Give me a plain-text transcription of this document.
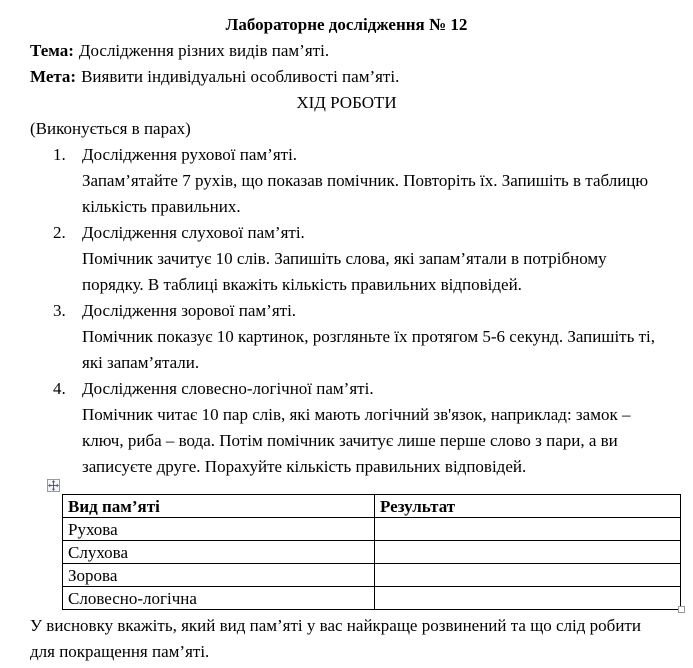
Лабораторне дослідження № 12
Тема: Дослідження різних видів пам’яті.
Мета: Виявити індивідуальні особливості пам’яті.
ХІД РОБОТИ
(Виконується в парах)
1. Дослідження рухової пам’яті.
Запам’ятайте 7 рухів, що показав помічник. Повторіть їх. Запишіть в таблицю кількість правильних.
2. Дослідження слухової пам’яті.
Помічник зачитує 10 слів. Запишіть слова, які запам’ятали в потрібному порядку. В таблиці вкажіть кількість правильних відповідей.
3. Дослідження зорової пам’яті.
Помічник показує 10 картинок, розгляньте їх протягом 5-6 секунд. Запишіть ті, які запам’ятали.
4. Дослідження словесно-логічної пам’яті.
Помічник читає 10 пар слів, які мають логічний зв'язок, наприклад: замок – ключ, риба – вода. Потім помічник зачитує лише перше слово з пари, а ви записуєте друге. Порахуйте кількість правильних відповідей.
Вид пам’яті	Результат
Рухова	
Слухова	
Зорова	
Словесно-логічна	
У висновку вкажіть, який вид пам’яті у вас найкраще розвинений та що слід робити для покращення пам’яті.
